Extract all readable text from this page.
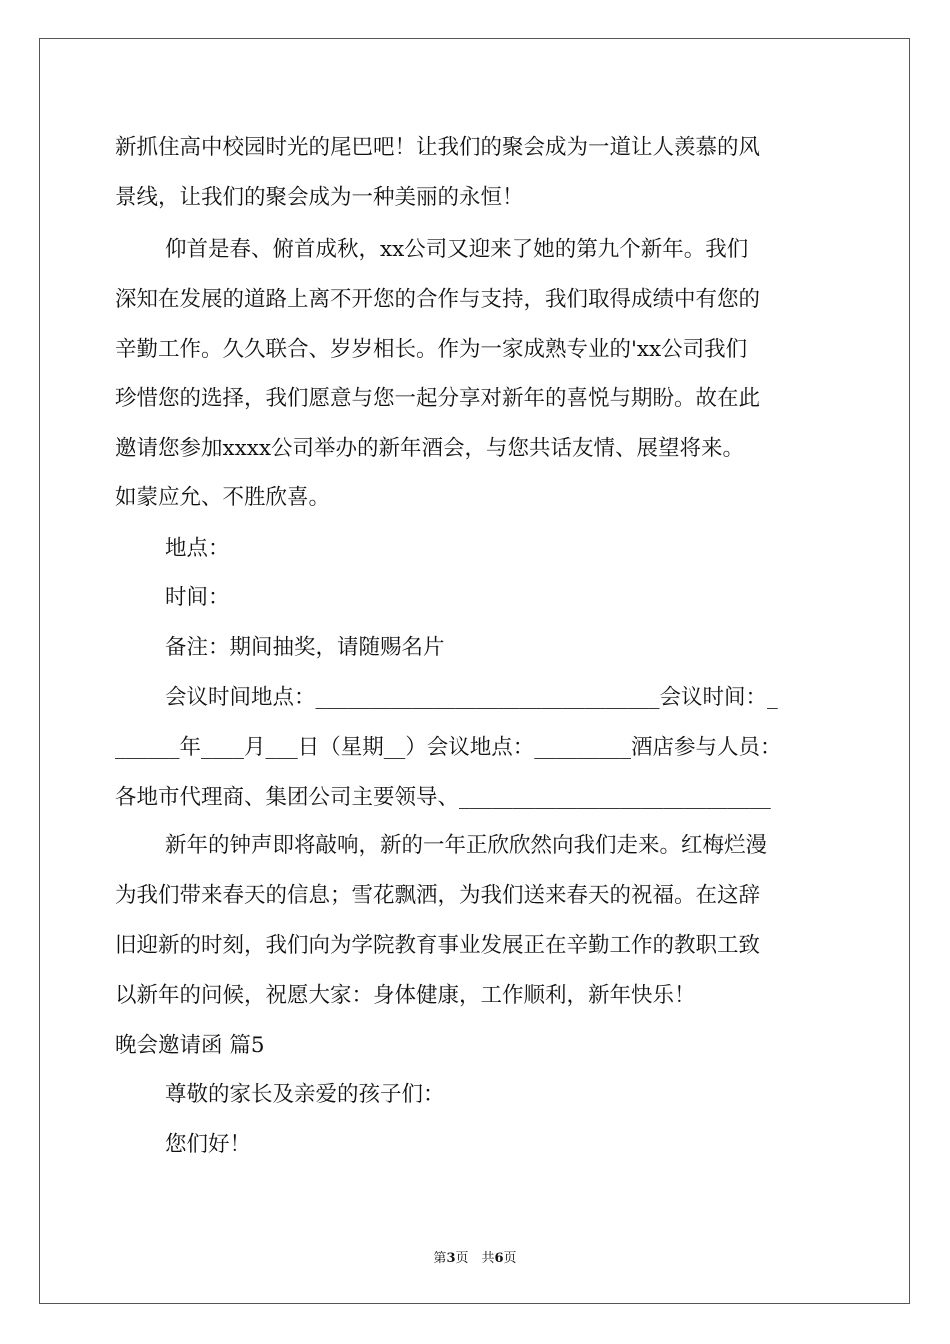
新抓住高中校园时光的尾巴吧！让我们的聚会成为一道让人羡慕的风
景线，让我们的聚会成为一种美丽的永恒！
仰首是春、俯首成秋，xx公司又迎来了她的第九个新年。我们
深知在发展的道路上离不开您的合作与支持，我们取得成绩中有您的
辛勤工作。久久联合、岁岁相长。作为一家成熟专业的'xx公司我们
珍惜您的选择，我们愿意与您一起分享对新年的喜悦与期盼。故在此
邀请您参加xxxx公司举办的新年酒会，与您共话友情、展望将来。
如蒙应允、不胜欣喜。
地点：
时间：
备注：期间抽奖，请随赐名片
会议时间地点：________________________________会议时间：_
______年____月___日（星期__）会议地点：_________酒店参与人员：
各地市代理商、集团公司主要领导、_____________________________
新年的钟声即将敲响，新的一年正欣欣然向我们走来。红梅烂漫
为我们带来春天的信息；雪花飘洒，为我们送来春天的祝福。在这辞
旧迎新的时刻，我们向为学院教育事业发展正在辛勤工作的教职工致
以新年的问候，祝愿大家：身体健康，工作顺利，新年快乐！
晚会邀请函 篇5
尊敬的家长及亲爱的孩子们：
您们好！
第3页　共6页
